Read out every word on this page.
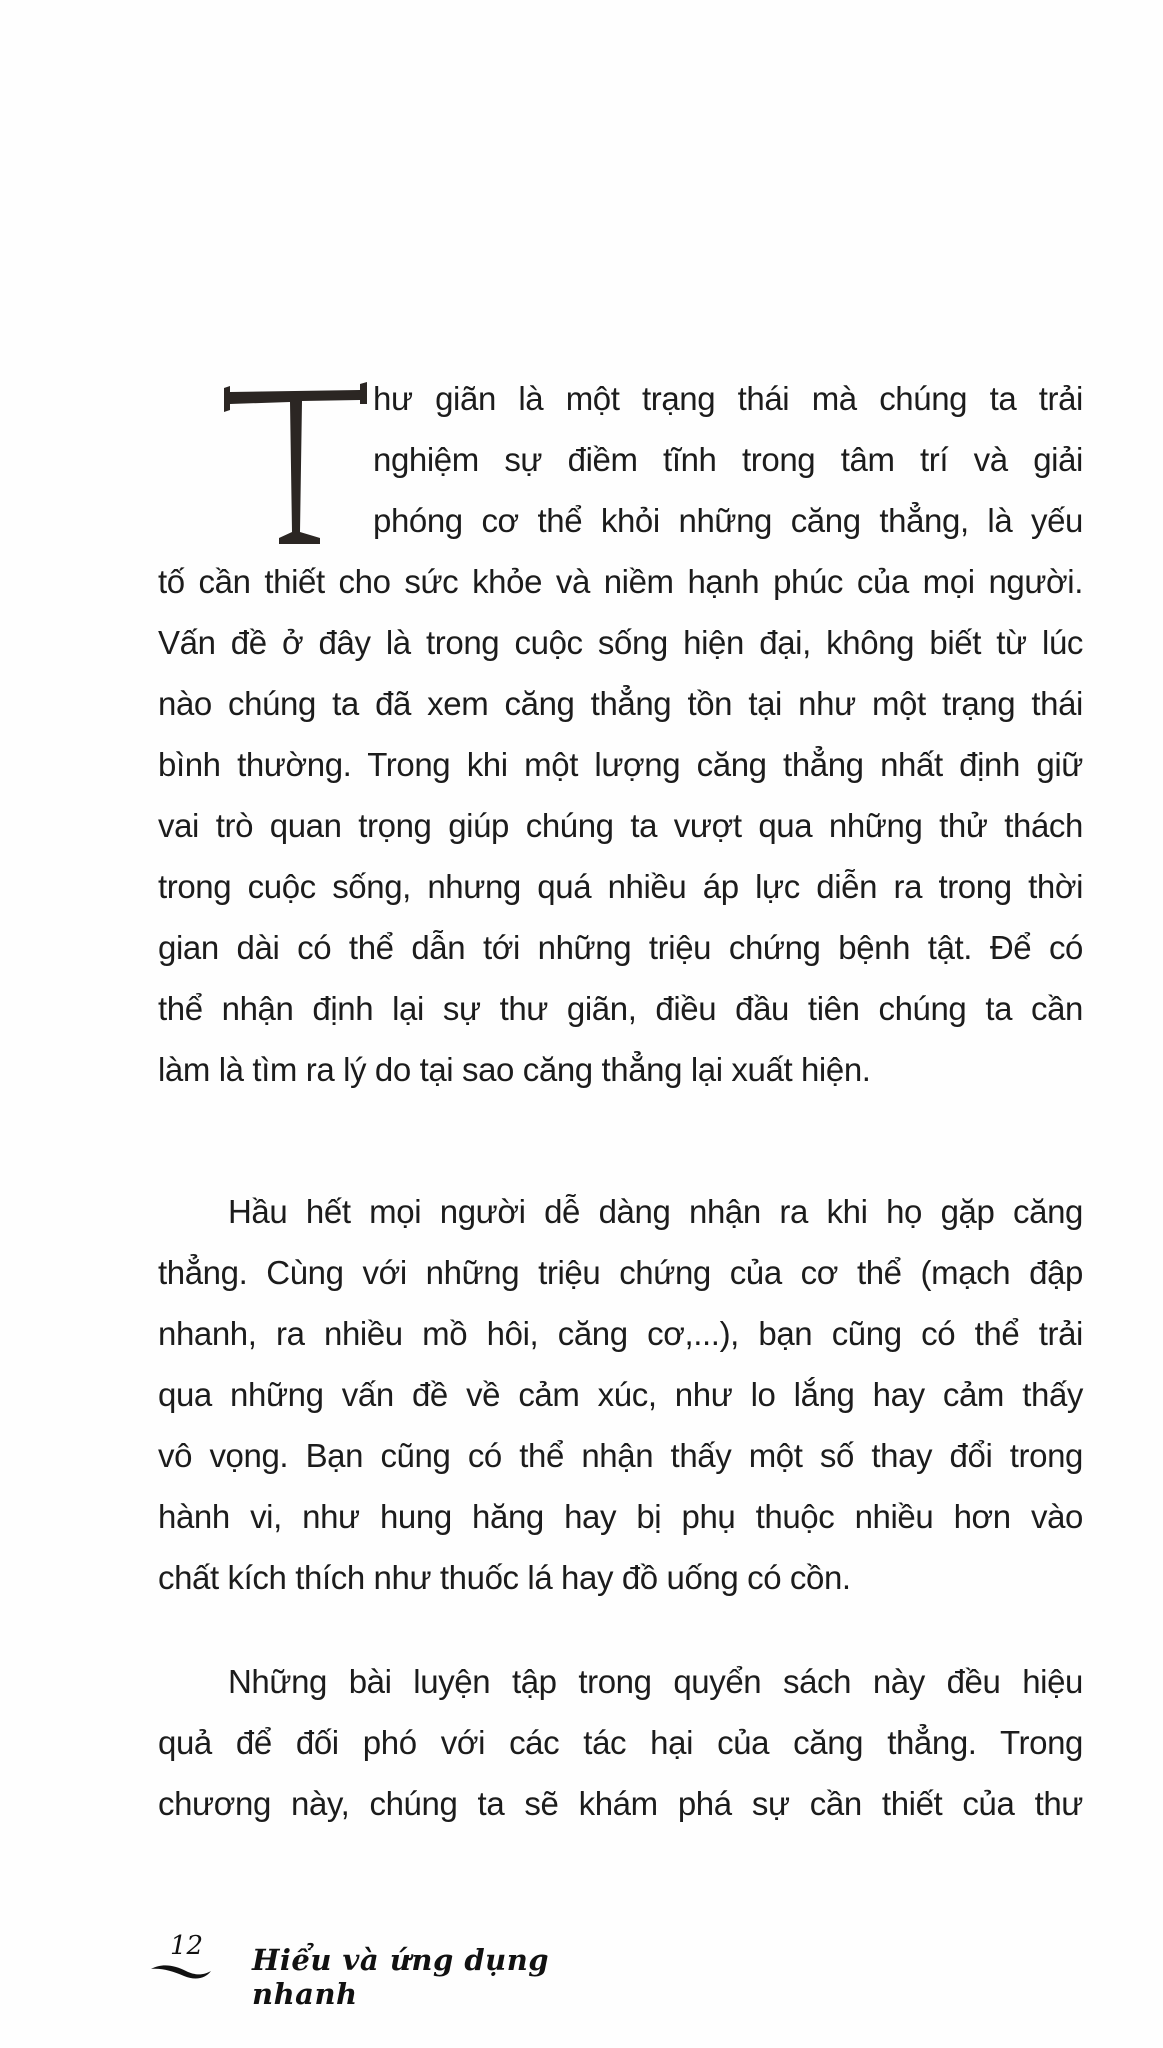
hư giãn là một trạng thái mà chúng ta trải
nghiệm sự điềm tĩnh trong tâm trí và giải
phóng cơ thể khỏi những căng thẳng, là yếu
tố cần thiết cho sức khỏe và niềm hạnh phúc của mọi người.
Vấn đề ở đây là trong cuộc sống hiện đại, không biết từ lúc
nào chúng ta đã xem căng thẳng tồn tại như một trạng thái
bình thường. Trong khi một lượng căng thẳng nhất định giữ
vai trò quan trọng giúp chúng ta vượt qua những thử thách
trong cuộc sống, nhưng quá nhiều áp lực diễn ra trong thời
gian dài có thể dẫn tới những triệu chứng bệnh tật. Để có
thể nhận định lại sự thư giãn, điều đầu tiên chúng ta cần
làm là tìm ra lý do tại sao căng thẳng lại xuất hiện.
Hầu hết mọi người dễ dàng nhận ra khi họ gặp căng
thẳng. Cùng với những triệu chứng của cơ thể (mạch đập
nhanh, ra nhiều mồ hôi, căng cơ,...), bạn cũng có thể trải
qua những vấn đề về cảm xúc, như lo lắng hay cảm thấy
vô vọng. Bạn cũng có thể nhận thấy một số thay đổi trong
hành vi, như hung hăng hay bị phụ thuộc nhiều hơn vào
chất kích thích như thuốc lá hay đồ uống có cồn.
Những bài luyện tập trong quyển sách này đều hiệu
quả để đối phó với các tác hại của căng thẳng. Trong
chương này, chúng ta sẽ khám phá sự cần thiết của thư
12 Hiểu và ứng dụng nhanh
